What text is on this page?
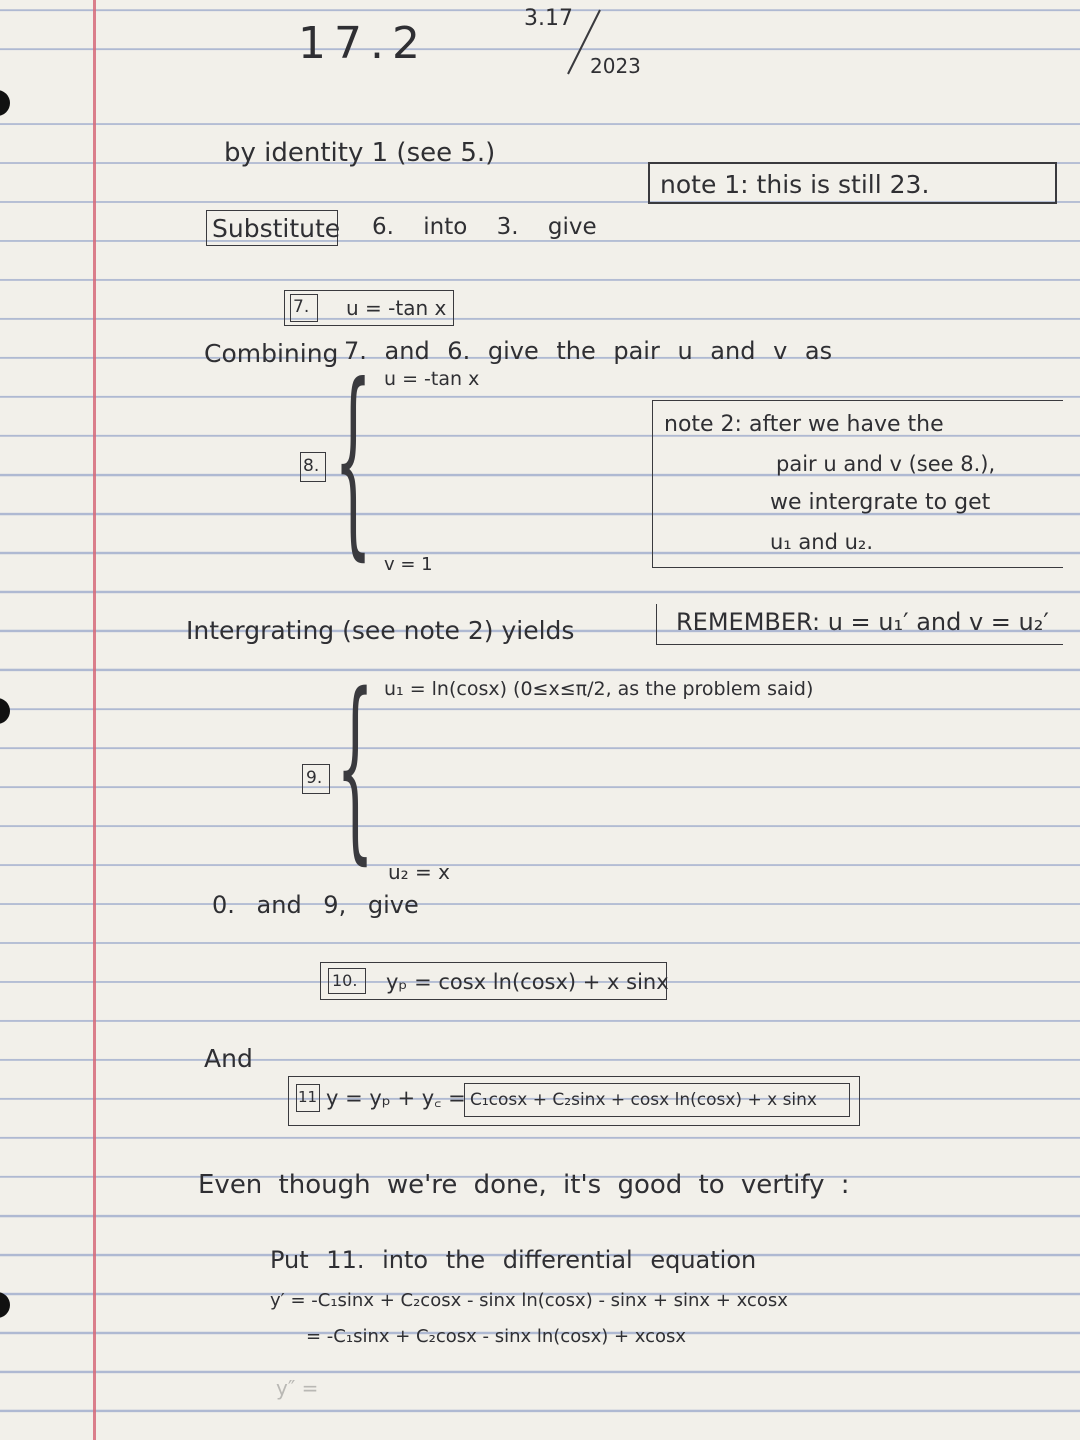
17.2	3.17
2023
by identity 1 (see 5.)
note 1: this is still 23.
Substitute 6. into 3. give
7. u = -tan x
Combining 7. and 6. give the pair u and v as
u = -tan x
{
8.
v = 1
note 2: after we have the
pair u and v (see 8.),
we intergrate to get
u₁ and u₂.
Intergrating (see note 2) yields	REMEMBER: u = u₁′ and v = u₂′
u₁ = ln(cosx) (0≤x≤π/2, as the problem said)
{
9.
u₂ = x
0. and 9, give
10. yₚ = cosx ln(cosx) + x sinx
And
11 y = yₚ + y꜀ = C₁cosx + C₂sinx + cosx ln(cosx) + x sinx
Even though we're done, it's good to vertify :
Put 11. into the differential equation
y′ = -C₁sinx + C₂cosx - sinx ln(cosx) - sinx + sinx + xcosx
= -C₁sinx + C₂cosx - sinx ln(cosx) + xcosx
y″ =
